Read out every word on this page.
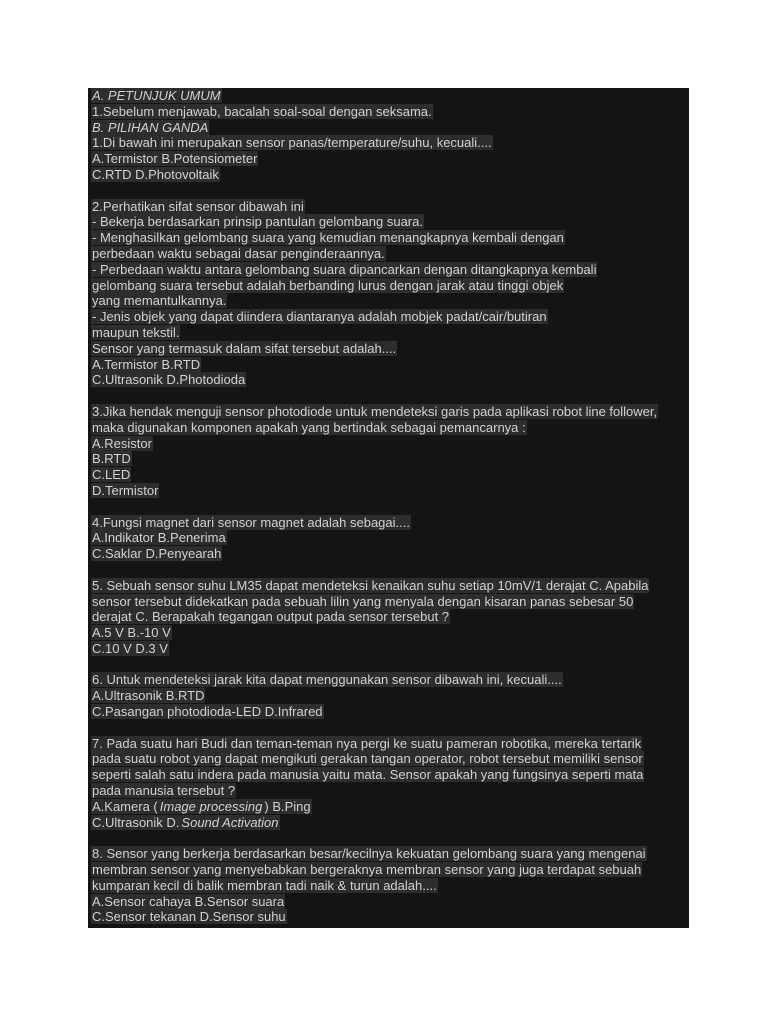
A. PETUNJUK UMUM
1.Sebelum menjawab, bacalah soal-soal dengan seksama.
B. PILIHAN GANDA
1.Di bawah ini merupakan sensor panas/temperature/suhu, kecuali....
A.Termistor B.Potensiometer
C.RTD D.Photovoltaik
2.Perhatikan sifat sensor dibawah ini
- Bekerja berdasarkan prinsip pantulan gelombang suara.
- Menghasilkan gelombang suara yang kemudian menangkapnya kembali dengan
perbedaan waktu sebagai dasar penginderaannya.
- Perbedaan waktu antara gelombang suara dipancarkan dengan ditangkapnya kembali
gelombang suara tersebut adalah berbanding lurus dengan jarak atau tinggi objek
yang memantulkannya.
- Jenis objek yang dapat diindera diantaranya adalah mobjek padat/cair/butiran
maupun tekstil.
Sensor yang termasuk dalam sifat tersebut adalah....
A.Termistor B.RTD
C.Ultrasonik D.Photodioda
3.Jika hendak menguji sensor photodiode untuk mendeteksi garis pada aplikasi robot line follower,
maka digunakan komponen apakah yang bertindak sebagai pemancarnya :
A.Resistor
B.RTD
C.LED
D.Termistor
4.Fungsi magnet dari sensor magnet adalah sebagai....
A.Indikator B.Penerima
C.Saklar D.Penyearah
5. Sebuah sensor suhu LM35 dapat mendeteksi kenaikan suhu setiap 10mV/1 derajat C. Apabila
sensor tersebut didekatkan pada sebuah lilin yang menyala dengan kisaran panas sebesar 50
derajat C. Berapakah tegangan output pada sensor tersebut ?
A.5 V B.-10 V
C.10 V D.3 V
6. Untuk mendeteksi jarak kita dapat menggunakan sensor dibawah ini, kecuali....
A.Ultrasonik B.RTD
C.Pasangan photodioda-LED D.Infrared
7. Pada suatu hari Budi dan teman-teman nya pergi ke suatu pameran robotika, mereka tertarik
pada suatu robot yang dapat mengikuti gerakan tangan operator, robot tersebut memiliki sensor
seperti salah satu indera pada manusia yaitu mata. Sensor apakah yang fungsinya seperti mata
pada manusia tersebut ?
A.Kamera ( Image processing ) B.Ping
C.Ultrasonik D. Sound Activation
8. Sensor yang berkerja berdasarkan besar/kecilnya kekuatan gelombang suara yang mengenai
membran sensor yang menyebabkan bergeraknya membran sensor yang juga terdapat sebuah
kumparan kecil di balik membran tadi naik & turun adalah....
A.Sensor cahaya B.Sensor suara
C.Sensor tekanan D.Sensor suhu
